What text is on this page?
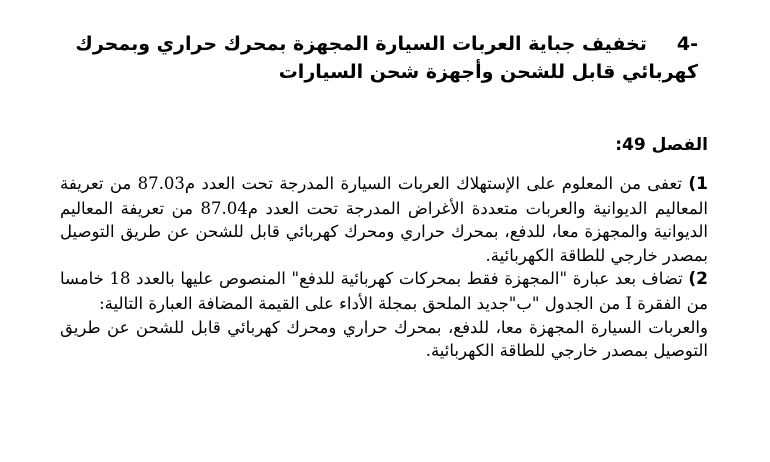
-4تخفيف جباية العربات السيارة المجهزة بمحرك حراري وبمحرك كهربائي قابل للشحن وأجهزة شحن السيارات
الفصل 49:

1) تعفى من المعلوم على الإستهلاك العربات السيارة المدرجة تحت العدد م87.03 من تعريفة المعاليم الديوانية والعربات متعددة الأغراض المدرجة تحت العدد م87.04 من تعريفة المعاليم الديوانية والمجهزة معا، للدفع، بمحرك حراري ومحرك كهربائي قابل للشحن عن طريق التوصيل بمصدر خارجي للطاقة الكهربائية.

2) تضاف بعد عبارة "المجهزة فقط بمحركات كهربائية للدفع" المنصوص عليها بالعدد 18 خامسا من الفقرة I من الجدول "ب"جديد الملحق بمجلة الأداء على القيمة المضافة العبارة التالية:

والعربات السيارة المجهزة معا، للدفع، بمحرك حراري ومحرك كهربائي قابل للشحن عن طريق التوصيل بمصدر خارجي للطاقة الكهربائية.
